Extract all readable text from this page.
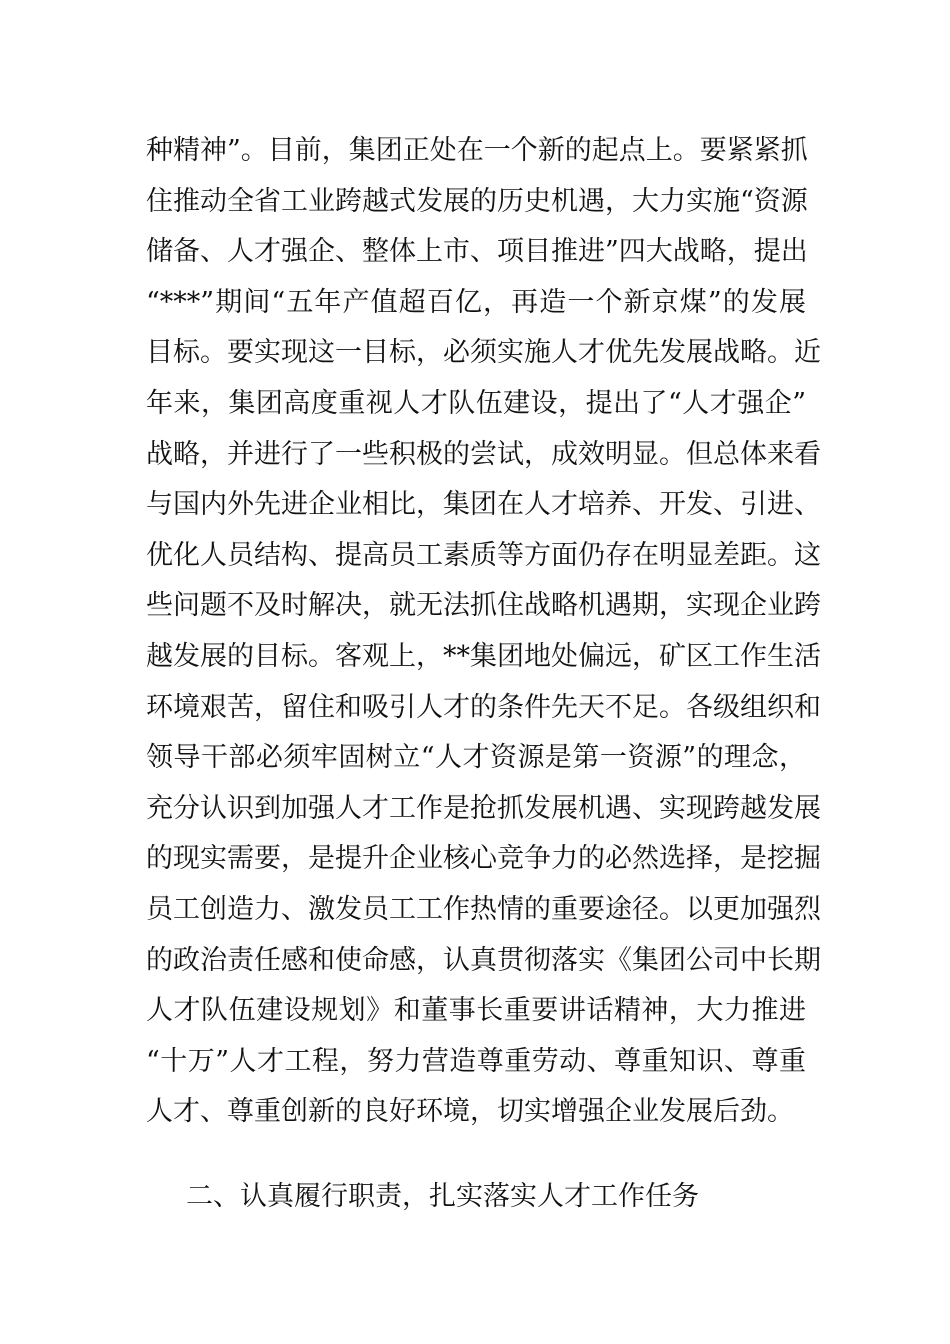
种精神”。目前，集团正处在一个新的起点上。要紧紧抓
住推动全省工业跨越式发展的历史机遇，大力实施“资源
储备、人才强企、整体上市、项目推进”四大战略，提出
“***”期间“五年产值超百亿，再造一个新京煤”的发展
目标。要实现这一目标，必须实施人才优先发展战略。近
年来，集团高度重视人才队伍建设，提出了“人才强企”
战略，并进行了一些积极的尝试，成效明显。但总体来看
与国内外先进企业相比，集团在人才培养、开发、引进、
优化人员结构、提高员工素质等方面仍存在明显差距。这
些问题不及时解决，就无法抓住战略机遇期，实现企业跨
越发展的目标。客观上，**集团地处偏远，矿区工作生活
环境艰苦，留住和吸引人才的条件先天不足。各级组织和
领导干部必须牢固树立“人才资源是第一资源”的理念，
充分认识到加强人才工作是抢抓发展机遇、实现跨越发展
的现实需要，是提升企业核心竞争力的必然选择，是挖掘
员工创造力、激发员工工作热情的重要途径。以更加强烈
的政治责任感和使命感，认真贯彻落实《集团公司中长期
人才队伍建设规划》和董事长重要讲话精神，大力推进
“十万”人才工程，努力营造尊重劳动、尊重知识、尊重
人才、尊重创新的良好环境，切实增强企业发展后劲。
二、认真履行职责，扎实落实人才工作任务
